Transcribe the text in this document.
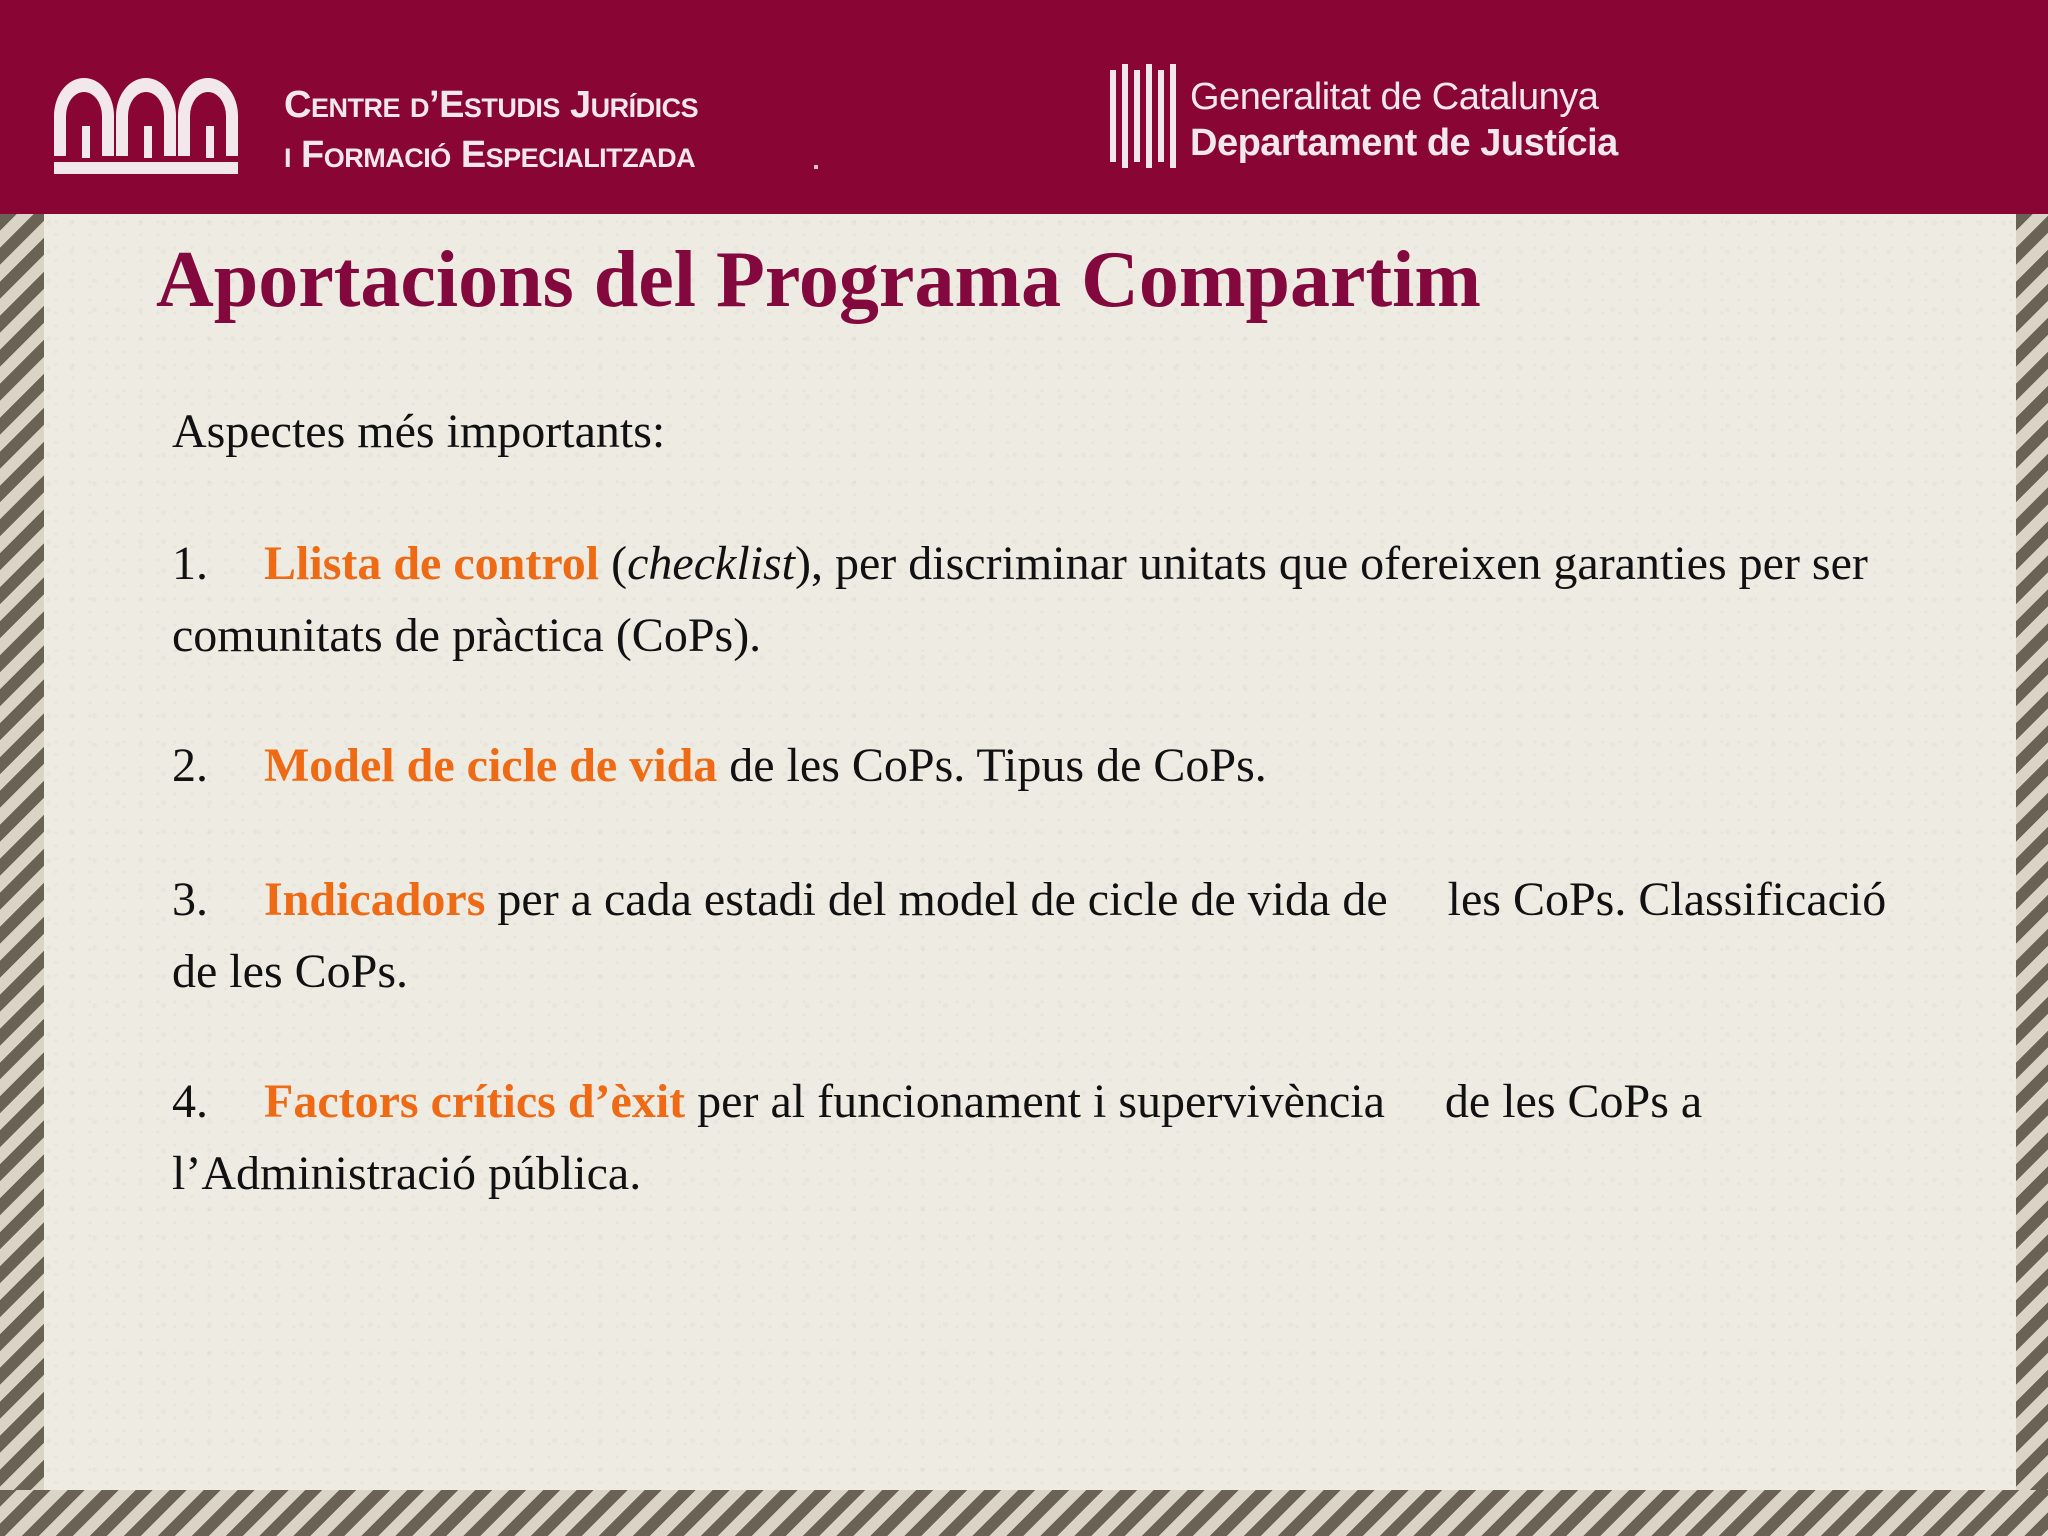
Centre d’Estudis Jurídics
i Formació Especialitzada
Generalitat de Catalunya
Departament de Justícia
Aportacions del Programa Compartim

Aspectes més importants:

1. Llista de control (checklist), per discriminar unitats que ofereixen garanties per ser comunitats de pràctica (CoPs).

2. Model de cicle de vida de les CoPs. Tipus de CoPs.

3. Indicadors per a cada estadi del model de cicle de vida de les CoPs. Classificació de les CoPs.

4. Factors crítics d’èxit per al funcionament i supervivència de les CoPs a l’Administració pública.
